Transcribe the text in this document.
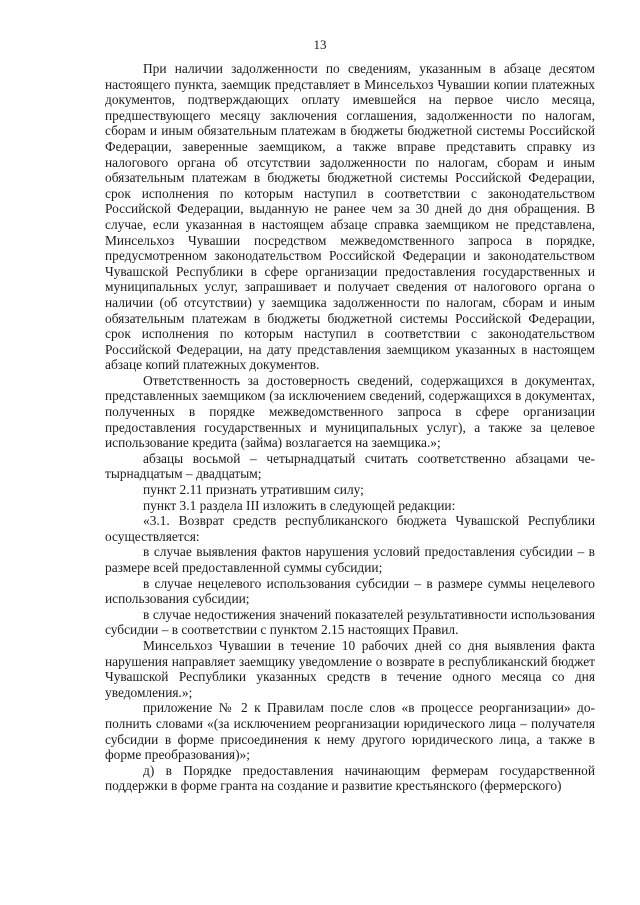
13

При наличии задолженности по сведениям, указанным в абзаце десятом настоящего пункта, заемщик представляет в Минсельхоз Чувашии копии платежных документов, подтверждающих оплату имевшейся на первое число месяца, предшествующего месяцу заключения соглашения, задолженности по налогам, сборам и иным обязательным платежам в бюджеты бюджетной системы Российской Федерации, заверенные заемщиком, а также вправе представить справку из налогового органа об отсутствии задолженности по налогам, сборам и иным обязательным платежам в бюджеты бюджетной системы Российской Федерации, срок исполнения по которым наступил в соответствии с законодательством Российской Федерации, выданную не ранее чем за 30 дней до дня обращения. В случае, если указанная в настоящем абзаце справка заемщиком не представлена, Минсельхоз Чувашии посредством межведомственного запроса в порядке, предусмотренном законодательством Российской Федерации и законодательством Чувашской Республики в сфере организации предоставления государственных и муниципальных услуг, запрашивает и получает сведения от налогового органа о наличии (об отсутствии) у заемщика задолженности по налогам, сборам и иным обязательным платежам в бюджеты бюджетной системы Российской Федерации, срок исполнения по которым наступил в соответствии с законодательством Российской Федерации, на дату представления заемщиком указанных в настоящем абзаце копий платежных документов.

Ответственность за достоверность сведений, содержащихся в документах, представленных заемщиком (за исключением сведений, содержащихся в документах, полученных в порядке межведомственного запроса в сфере организации предоставления государственных и муниципальных услуг), а также за целевое использование кредита (займа) возлагается на заемщика.»;

абзацы восьмой – четырнадцатый считать соответственно абзацами четырнадцатым – двадцатым;

пункт 2.11 признать утратившим силу;

пункт 3.1 раздела III изложить в следующей редакции:

«3.1. Возврат средств республиканского бюджета Чувашской Республики осуществляется:

в случае выявления фактов нарушения условий предоставления субсидии – в размере всей предоставленной суммы субсидии;

в случае нецелевого использования субсидии – в размере суммы нецелевого использования субсидии;

в случае недостижения значений показателей результативности использования субсидии – в соответствии с пунктом 2.15 настоящих Правил.

Минсельхоз Чувашии в течение 10 рабочих дней со дня выявления факта нарушения направляет заемщику уведомление о возврате в республиканский бюджет Чувашской Республики указанных средств в течение одного месяца со дня уведомления.»;

приложение № 2 к Правилам после слов «в процессе реорганизации» дополнить словами «(за исключением реорганизации юридического лица – получателя субсидии в форме присоединения к нему другого юридического лица, а также в форме преобразования)»;

д) в Порядке предоставления начинающим фермерам государственной поддержки в форме гранта на создание и развитие крестьянского (фермерского)
